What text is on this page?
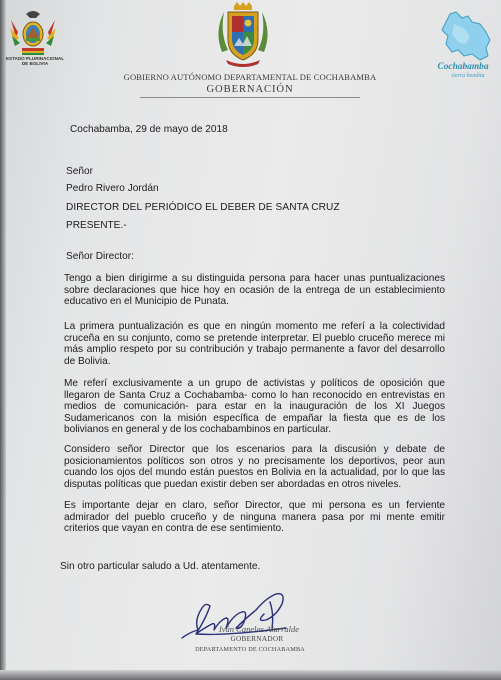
ESTADO PLURINACIONAL
DE BOLIVIA
GOBIERNO AUTÓNOMO DEPARTAMENTAL DE COCHABAMBA
GOBERNACIÓN
Cochabamba
tierra bendita
Cochabamba, 29 de mayo de 2018
Señor
Pedro Rivero Jordán
DIRECTOR DEL PERIÓDICO EL DEBER DE SANTA CRUZ
PRESENTE.-
Señor Director:
Tengo a bien dirigirme a su distinguida persona para hacer unas puntualizaciones sobre declaraciones que hice hoy en ocasión de la entrega de un establecimiento educativo en el Municipio de Punata.
La primera puntualización es que en ningún momento me referí a la colectividad cruceña en su conjunto, como se pretende interpretar. El pueblo cruceño merece mi más amplio respeto por su contribución y trabajo permanente a favor del desarrollo de Bolivia.
Me referí exclusivamente a un grupo de activistas y políticos de oposición que llegaron de Santa Cruz a Cochabamba- como lo han reconocido en entrevistas en medios de comunicación- para estar en la inauguración de los XI Juegos Sudamericanos con la misión específica de empañar la fiesta que es de los bolivianos en general y de los cochabambinos en particular.
Considero señor Director que los escenarios para la discusión y debate de posicionamientos políticos son otros y no precisamente los deportivos, peor aun cuando los ojos del mundo están puestos en Bolivia en la actualidad, por lo que las disputas políticas que puedan existir deben ser abordadas en otros niveles.
Es importante dejar en claro, señor Director, que mi persona es un ferviente admirador del pueblo cruceño y de ninguna manera pasa por mi mente emitir criterios que vayan en contra de ese sentimiento.
Sin otro particular saludo a Ud. atentamente.
Iván Canelas Alurralde
GOBERNADOR
DEPARTAMENTO DE COCHABAMBA
